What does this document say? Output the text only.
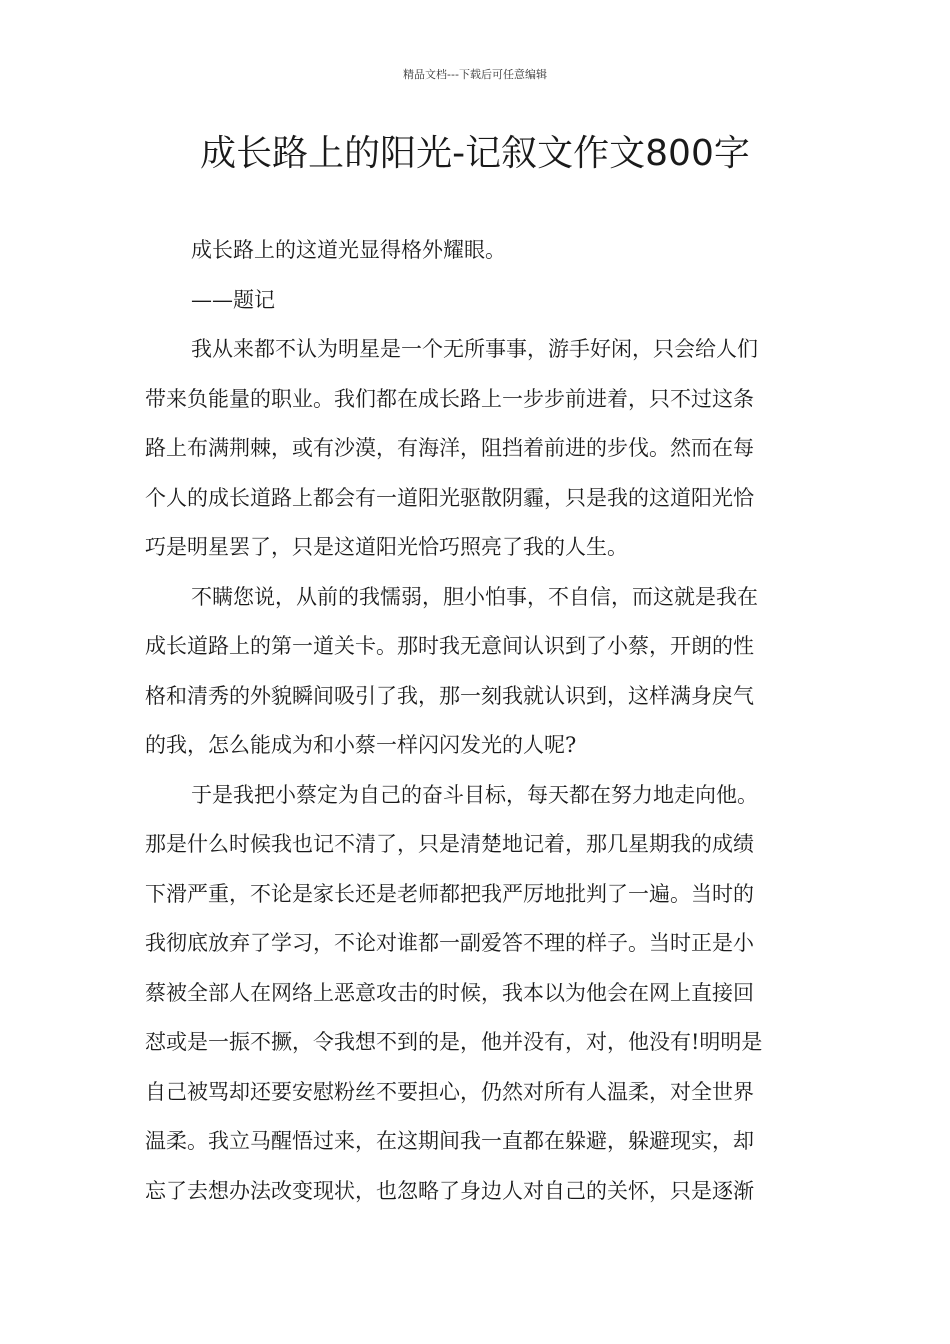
精品文档---下载后可任意编辑
成长路上的阳光-记叙文作文800字
成长路上的这道光显得格外耀眼。
——题记
我从来都不认为明星是一个无所事事，游手好闲，只会给人们
带来负能量的职业。我们都在成长路上一步步前进着，只不过这条
路上布满荆棘，或有沙漠，有海洋，阻挡着前进的步伐。然而在每
个人的成长道路上都会有一道阳光驱散阴霾，只是我的这道阳光恰
巧是明星罢了，只是这道阳光恰巧照亮了我的人生。
不瞒您说，从前的我懦弱，胆小怕事，不自信，而这就是我在
成长道路上的第一道关卡。那时我无意间认识到了小蔡，开朗的性
格和清秀的外貌瞬间吸引了我，那一刻我就认识到，这样满身戾气
的我，怎么能成为和小蔡一样闪闪发光的人呢?
于是我把小蔡定为自己的奋斗目标，每天都在努力地走向他。
那是什么时候我也记不清了，只是清楚地记着，那几星期我的成绩
下滑严重，不论是家长还是老师都把我严厉地批判了一遍。当时的
我彻底放弃了学习，不论对谁都一副爱答不理的样子。当时正是小
蔡被全部人在网络上恶意攻击的时候，我本以为他会在网上直接回
怼或是一振不撅，令我想不到的是，他并没有，对，他没有!明明是
自己被骂却还要安慰粉丝不要担心，仍然对所有人温柔，对全世界
温柔。我立马醒悟过来，在这期间我一直都在躲避，躲避现实，却
忘了去想办法改变现状，也忽略了身边人对自己的关怀，只是逐渐
